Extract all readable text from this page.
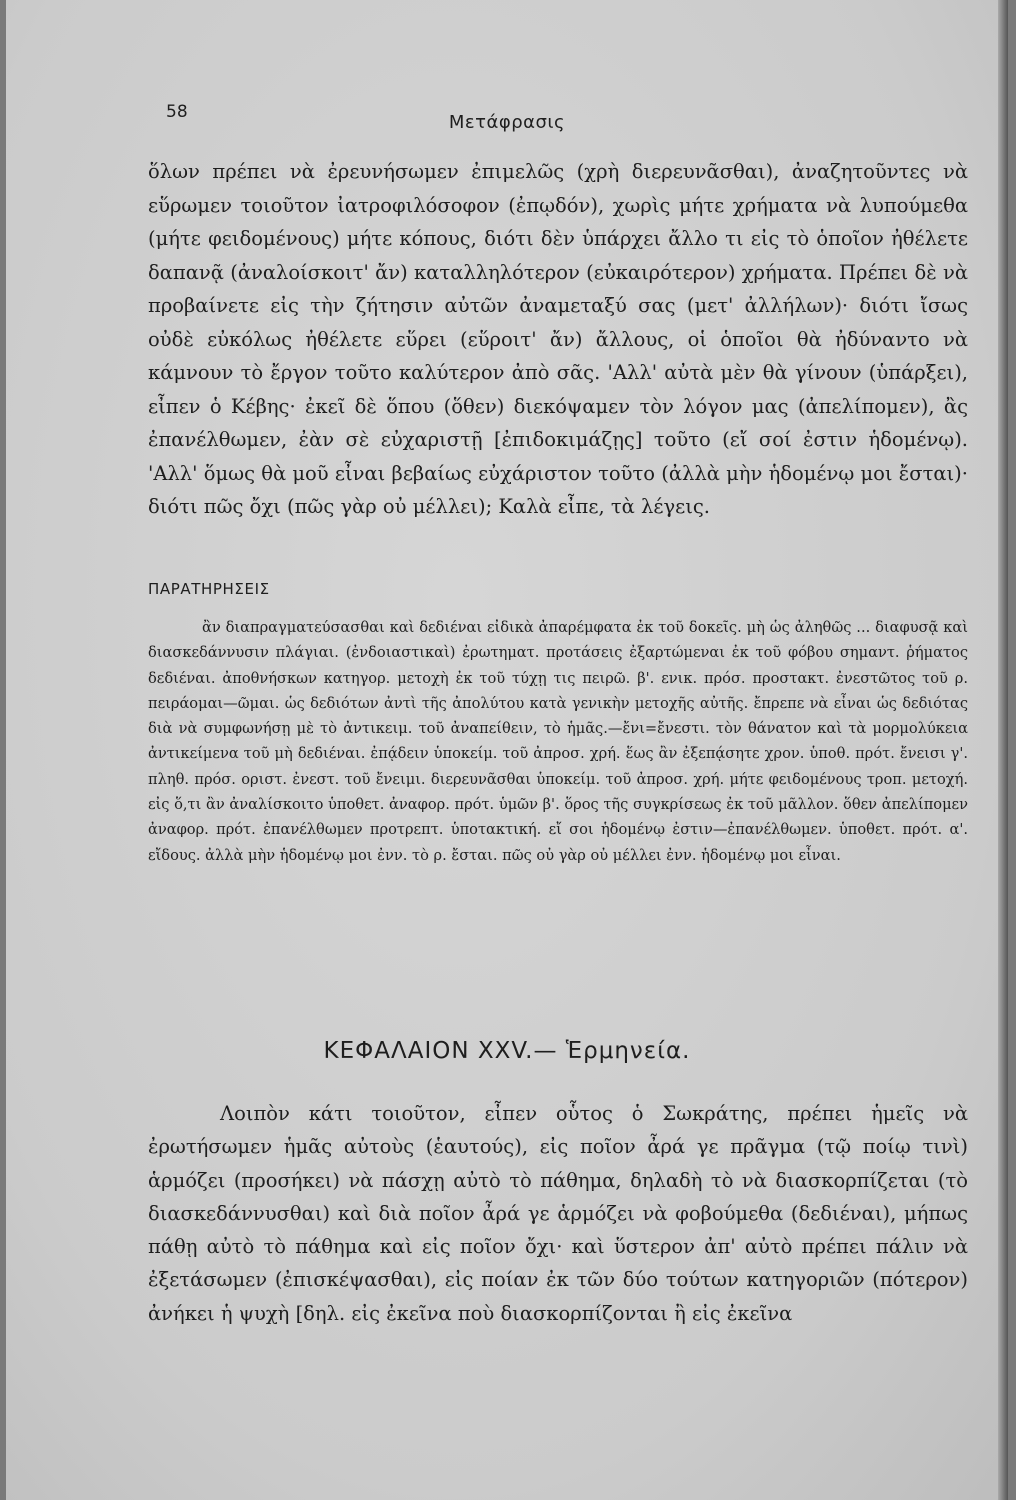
58	Μετάφρασις

ὅλων πρέπει νὰ ἐρευνήσωμεν ἐπιμελῶς (χρὴ διερευνᾶσθαι), ἀναζητοῦντες νὰ εὕρωμεν τοιοῦτον ἰατροφιλόσοφον (ἐπῳδόν), χωρὶς μήτε χρήματα νὰ λυπούμεθα (μήτε φειδομένους) μήτε κόπους, διότι δὲν ὑπάρχει ἄλλο τι εἰς τὸ ὁποῖον ἠθέλετε δαπανᾷ (ἀναλοίσκοιτ' ἄν) καταλληλότερον (εὐκαιρότερον) χρήματα. Πρέπει δὲ νὰ προβαίνετε εἰς τὴν ζήτησιν αὐτῶν ἀναμεταξύ σας (μετ' ἀλλήλων)· διότι ἴσως οὐδὲ εὐκόλως ἠθέλετε εὕρει (εὕροιτ' ἄν) ἄλλους, οἱ ὁποῖοι θὰ ἠδύναντο νὰ κάμνουν τὸ ἔργον τοῦτο καλύτερον ἀπὸ σᾶς. 'Αλλ' αὐτὰ μὲν θὰ γίνουν (ὑπάρξει), εἶπεν ὁ Κέβης· ἐκεῖ δὲ ὅπου (ὅθεν) διεκόψαμεν τὸν λόγον μας (ἀπελίπομεν), ἂς ἐπανέλθωμεν, ἐὰν σὲ εὐχαριστῇ [ἐπιδοκιμάζῃς] τοῦτο (εἴ σοί ἐστιν ἡδομένῳ). 'Αλλ' ὅμως θὰ μοῦ εἶναι βεβαίως εὐχάριστον τοῦτο (ἀλλὰ μὴν ἡδομένῳ μοι ἔσται)· διότι πῶς ὄχι (πῶς γὰρ οὐ μέλλει); Καλὰ εἶπε, τὰ λέγεις.

ΠΑΡΑΤΗΡΗΣΕΙΣ

ἂν διαπραγματεύσασθαι καὶ δεδιέναι εἰδικὰ ἀπαρέμφατα ἐκ τοῦ δοκεῖς. μὴ ὡς ἀληθῶς ... διαφυσᾷ καὶ διασκεδάννυσιν πλάγιαι. (ἐνδοιαστικαὶ) ἐρωτηματ. προτάσεις ἐξαρτώμεναι ἐκ τοῦ φόβου σημαντ. ῥήματος δεδιέναι. ἀποθνήσκων κατηγορ. μετοχὴ ἐκ τοῦ τύχῃ τις πειρῶ. β'. ενικ. πρόσ. προστακτ. ἐνεστῶτος τοῦ ρ. πειράομαι—ῶμαι. ὡς δεδιότων ἀντὶ τῆς ἀπολύτου κατὰ γενικὴν μετοχῆς αὐτῆς. ἔπρεπε νὰ εἶναι ὡς δεδιότας διὰ νὰ συμφωνήσῃ μὲ τὸ ἀντικειμ. τοῦ ἀναπείθειν, τὸ ἡμᾶς.—ἔνι=ἔνεστι. τὸν θάνατον καὶ τὰ μορμολύκεια ἀντικείμενα τοῦ μὴ δεδιέναι. ἐπᾴδειν ὑποκείμ. τοῦ ἀπροσ. χρή. ἕως ἂν ἐξεπᾴσητε χρον. ὑποθ. πρότ. ἔνεισι γ'. πληθ. πρόσ. οριστ. ἐνεστ. τοῦ ἔνειμι. διερευνᾶσθαι ὑποκείμ. τοῦ ἀπροσ. χρή. μήτε φειδομένους τροπ. μετοχή. εἰς ὅ,τι ἂν ἀναλίσκοιτο ὑποθετ. ἀναφορ. πρότ. ὑμῶν β'. ὅρος τῆς συγκρίσεως ἐκ τοῦ μᾶλλον. ὅθεν ἀπελίπομεν ἀναφορ. πρότ. ἐπανέλθωμεν προτρεπτ. ὑποτακτική. εἴ σοι ἡδομένῳ ἐστιν—ἐπανέλθωμεν. ὑποθετ. πρότ. α'. εἴδους. ἀλλὰ μὴν ἡδομένῳ μοι ἐνν. τὸ ρ. ἔσται. πῶς οὐ γὰρ οὐ μέλλει ἐνν. ἡδομένῳ μοι εἶναι.

ΚΕΦΑΛΑΙΟΝ XXV.— Ἑρμηνεία.

Λοιπὸν κάτι τοιοῦτον, εἶπεν οὗτος ὁ Σωκράτης, πρέπει ἡμεῖς νὰ ἐρωτήσωμεν ἡμᾶς αὐτοὺς (ἑαυτούς), εἰς ποῖον ἆρά γε πρᾶγμα (τῷ ποίῳ τινὶ) ἁρμόζει (προσήκει) νὰ πάσχῃ αὐτὸ τὸ πάθημα, δηλαδὴ τὸ νὰ διασκορπίζεται (τὸ διασκεδάννυσθαι) καὶ διὰ ποῖον ἆρά γε ἁρμόζει νὰ φοβούμεθα (δεδιέναι), μήπως πάθῃ αὐτὸ τὸ πάθημα καὶ εἰς ποῖον ὄχι· καὶ ὕστερον ἀπ' αὐτὸ πρέπει πάλιν νὰ ἐξετάσωμεν (ἐπισκέψασθαι), εἰς ποίαν ἐκ τῶν δύο τούτων κατηγοριῶν (πότερον) ἀνήκει ἡ ψυχὴ [δηλ. εἰς ἐκεῖνα ποὺ διασκορπίζονται ἢ εἰς ἐκεῖνα
